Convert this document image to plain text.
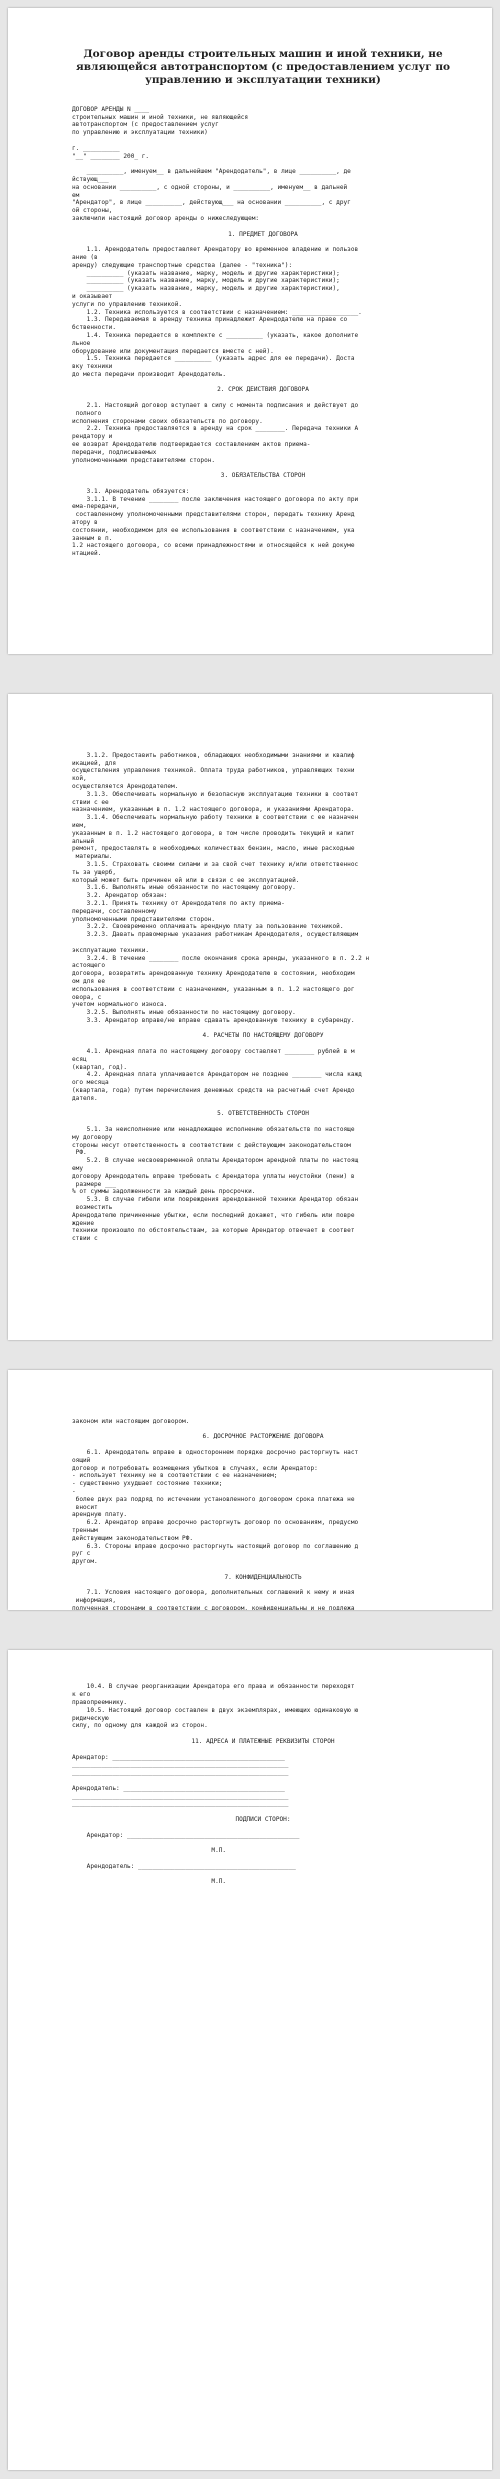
Договор аренды строительных машин и иной техники, не являющейся автотранспортом (с предоставлением услуг по управлению и эксплуатации техники)
ДОГОВОР АРЕНДЫ N ____
строительных машин и иной техники, не являющейся
автотранспортом (с предоставлением услуг
по управлению и эксплуатации техники)
г. __________
"__" ________ 200_ г.
__________, именуем__ в дальнейшем "Арендодатель", в лице __________, де
йствующ___
на основании __________, с одной стороны, и __________, именуем__ в дальней
ем
"Арендатор", в лице __________, действующ___ на основании __________, с друг
ой стороны,
заключили настоящий договор аренды о нижеследующем:
1. ПРЕДМЕТ ДОГОВОРА
1.1. Арендодатель предоставляет Арендатору во временное владение и пользов
ание (в
аренду) следующие транспортные средства (далее - "техника"):
__________ (указать название, марку, модель и другие характеристики);
__________ (указать название, марку, модель и другие характеристики);
__________ (указать название, марку, модель и другие характеристики),
и оказывает
услуги по управлению техникой.
1.2. Техника используется в соответствии с назначением: __________________.
1.3. Передаваемая в аренду техника принадлежит Арендодателю на праве со
бственности.
1.4. Техника передается в комплекте с __________ (указать, какое дополните
льное
оборудование или документация передается вместе с ней).
1.5. Техника передается __________ (указать адрес для ее передачи). Доста
вку техники
до места передачи производит Арендодатель.
2. СРОК ДЕЙСТВИЯ ДОГОВОРА
2.1. Настоящий договор вступает в силу с момента подписания и действует до
полного
исполнения сторонами своих обязательств по договору.
2.2. Техника предоставляется в аренду на срок ________. Передача техники А
рендатору и
ее возврат Арендодателю подтверждается составлением актов приема-
передачи, подписываемых
уполномоченными представителями сторон.
3. ОБЯЗАТЕЛЬСТВА СТОРОН
3.1. Арендодатель обязуется:
3.1.1. В течение ________ после заключения настоящего договора по акту при
ема-передачи,
составленному уполномоченными представителями сторон, передать технику Аренд
атору в
состоянии, необходимом для ее использования в соответствии с назначением, ука
занным в п.
1.2 настоящего договора, со всеми принадлежностями и относящейся к ней докуме
нтацией.
3.1.2. Предоставить работников, обладающих необходимыми знаниями и квалиф
икацией, для
осуществления управления техникой. Оплата труда работников, управляющих техни
кой,
осуществляется Арендодателем.
3.1.3. Обеспечивать нормальную и безопасную эксплуатацию техники в соответ
ствии с ее
назначением, указанным в п. 1.2 настоящего договора, и указаниями Арендатора.
3.1.4. Обеспечивать нормальную работу техники в соответствии с ее назначен
ием,
указанным в п. 1.2 настоящего договора, в том числе проводить текущий и капит
альный
ремонт, предоставлять в необходимых количествах бензин, масло, иные расходные
материалы.
3.1.5. Страховать своими силами и за свой счет технику и/или ответственнос
ть за ущерб,
который может быть причинен ей или в связи с ее эксплуатацией.
3.1.6. Выполнять иные обязанности по настоящему договору.
3.2. Арендатор обязан:
3.2.1. Принять технику от Арендодателя по акту приема-
передачи, составленному
уполномоченными представителями сторон.
3.2.2. Своевременно оплачивать арендную плату за пользование техникой.
3.2.3. Давать правомерные указания работникам Арендодателя, осуществляющим
эксплуатацию техники.
3.2.4. В течение ________ после окончания срока аренды, указанного в п. 2.2 н
астоящего
договора, возвратить арендованную технику Арендодателю в состоянии, необходим
ом для ее
использования в соответствии с назначением, указанным в п. 1.2 настоящего дог
овора, с
учетом нормального износа.
3.2.5. Выполнять иные обязанности по настоящему договору.
3.3. Арендатор вправе/не вправе сдавать арендованную технику в субаренду.
4. РАСЧЕТЫ ПО НАСТОЯЩЕМУ ДОГОВОРУ
4.1. Арендная плата по настоящему договору составляет ________ рублей в м
есяц
(квартал, год).
4.2. Арендная плата уплачивается Арендатором не позднее ________ числа кажд
ого месяца
(квартала, года) путем перечисления денежных средств на расчетный счет Арендо
дателя.
5. ОТВЕТСТВЕННОСТЬ СТОРОН
5.1. За неисполнение или ненадлежащее исполнение обязательств по настояще
му договору
стороны несут ответственность в соответствии с действующим законодательством
РФ.
5.2. В случае несвоевременной оплаты Арендатором арендной платы по настоящ
ему
договору Арендодатель вправе требовать с Арендатора уплаты неустойки (пени) в
размере ___
% от суммы задолженности за каждый день просрочки.
5.3. В случае гибели или повреждения арендованной техники Арендатор обязан
возместить
Арендодателю причиненные убытки, если последний докажет, что гибель или повре
ждение
техники произошло по обстоятельствам, за которые Арендатор отвечает в соответ
ствии с
законом или настоящим договором.
6. ДОСРОЧНОЕ РАСТОРЖЕНИЕ ДОГОВОРА
6.1. Арендодатель вправе в одностороннем порядке досрочно расторгнуть наст
оящий
договор и потребовать возмещения убытков в случаях, если Арендатор:
- использует технику не в соответствии с ее назначением;
- существенно ухудшает состояние техники;
-
более двух раз подряд по истечении установленного договором срока платежа не
вносит
арендную плату.
6.2. Арендатор вправе досрочно расторгнуть договор по основаниям, предусмо
тренным
действующим законодательством РФ.
6.3. Стороны вправе досрочно расторгнуть настоящий договор по соглашению д
руг с
другом.
7. КОНФИДЕНЦИАЛЬНОСТЬ
7.1. Условия настоящего договора, дополнительных соглашений к нему и иная
информация,
полученная сторонами в соответствии с договором, конфиденциальны и не подлежа
10.4. В случае реорганизации Арендатора его права и обязанности переходят
к его
правопреемнику.
10.5. Настоящий договор составлен в двух экземплярах, имеющих одинаковую ю
ридическую
силу, по одному для каждой из сторон.
11. АДРЕСА И ПЛАТЕЖНЫЕ РЕКВИЗИТЫ СТОРОН
Арендатор: _______________________________________________
___________________________________________________________
___________________________________________________________
Арендодатель: ____________________________________________
___________________________________________________________
___________________________________________________________
ПОДПИСИ СТОРОН:
Арендатор: _______________________________________________
М.П.
Арендодатель: ___________________________________________
М.П.
